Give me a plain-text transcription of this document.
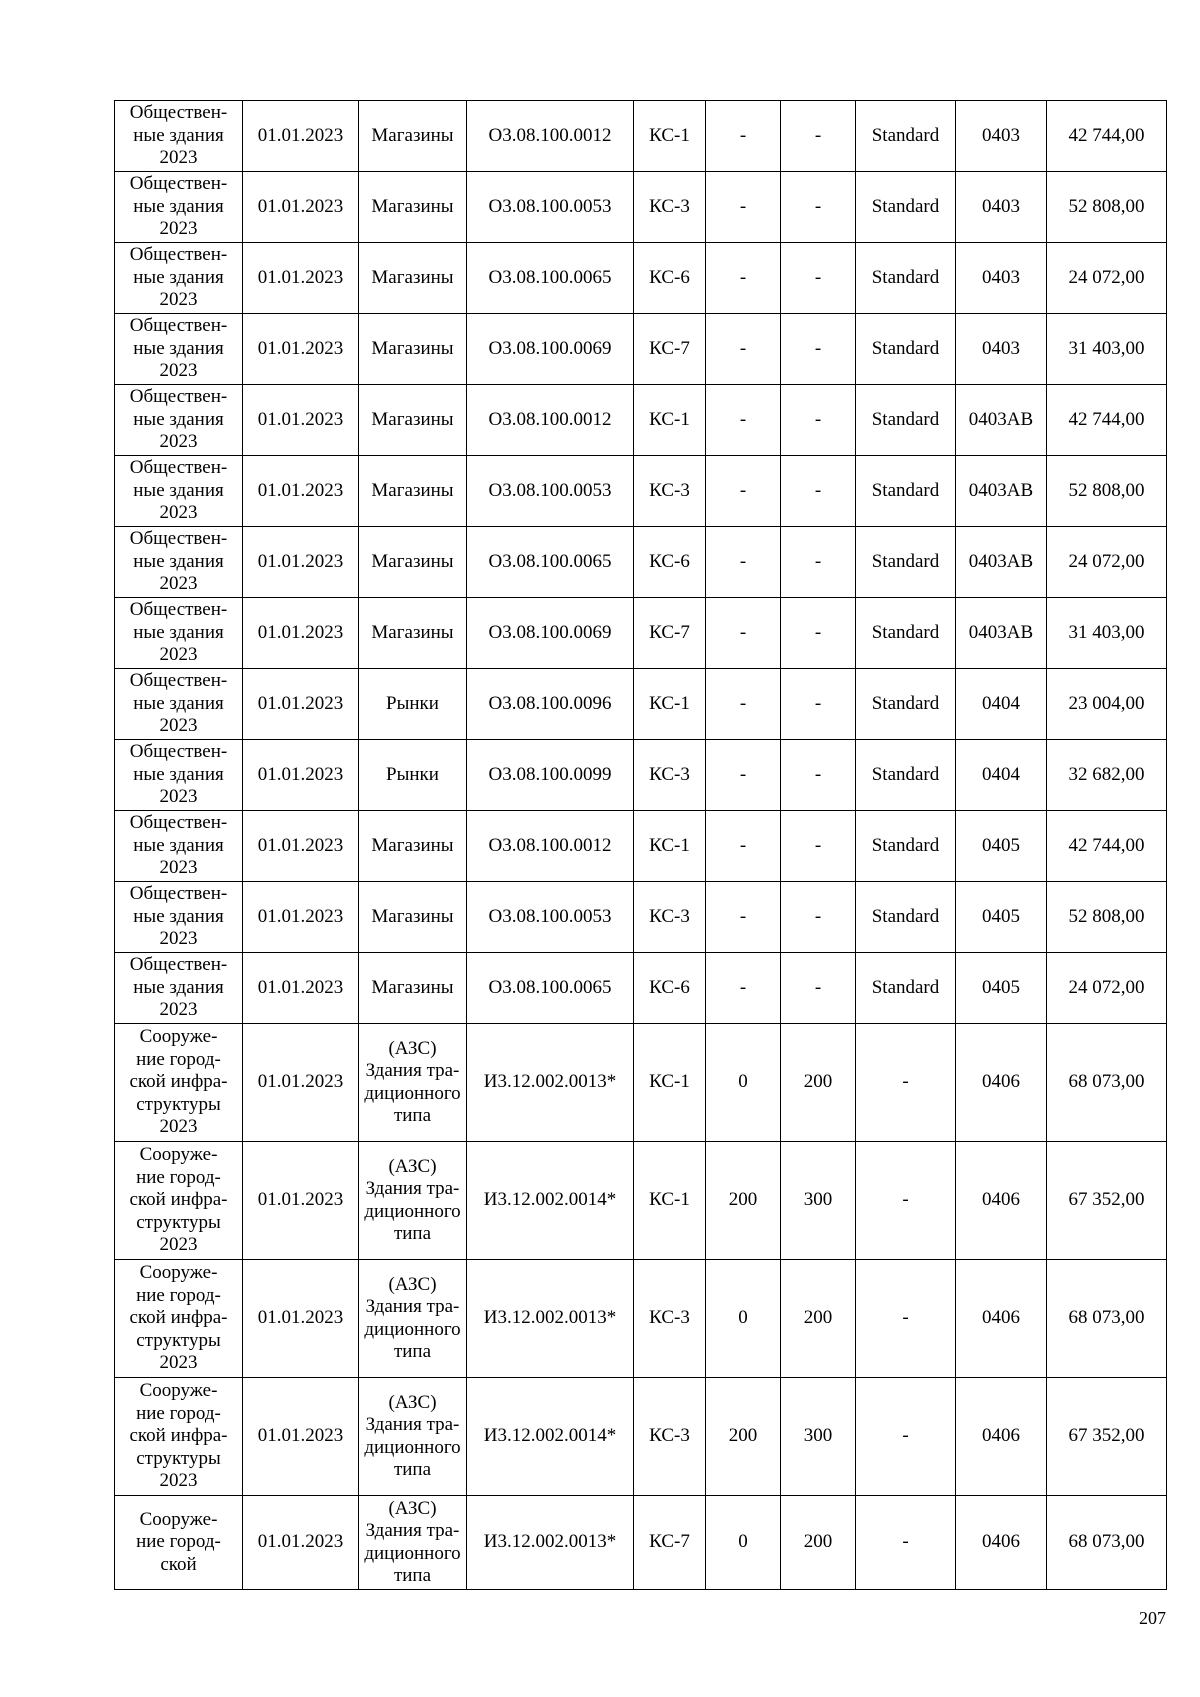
Обществен-
ные здания
2023	01.01.2023	Магазины	О3.08.100.0012	КС-1	-	-	Standard	0403	42 744,00
Обществен-
ные здания
2023	01.01.2023	Магазины	О3.08.100.0053	КС-3	-	-	Standard	0403	52 808,00
Обществен-
ные здания
2023	01.01.2023	Магазины	О3.08.100.0065	КС-6	-	-	Standard	0403	24 072,00
Обществен-
ные здания
2023	01.01.2023	Магазины	О3.08.100.0069	КС-7	-	-	Standard	0403	31 403,00
Обществен-
ные здания
2023	01.01.2023	Магазины	О3.08.100.0012	КС-1	-	-	Standard	0403АВ	42 744,00
Обществен-
ные здания
2023	01.01.2023	Магазины	О3.08.100.0053	КС-3	-	-	Standard	0403АВ	52 808,00
Обществен-
ные здания
2023	01.01.2023	Магазины	О3.08.100.0065	КС-6	-	-	Standard	0403АВ	24 072,00
Обществен-
ные здания
2023	01.01.2023	Магазины	О3.08.100.0069	КС-7	-	-	Standard	0403АВ	31 403,00
Обществен-
ные здания
2023	01.01.2023	Рынки	О3.08.100.0096	КС-1	-	-	Standard	0404	23 004,00
Обществен-
ные здания
2023	01.01.2023	Рынки	О3.08.100.0099	КС-3	-	-	Standard	0404	32 682,00
Обществен-
ные здания
2023	01.01.2023	Магазины	О3.08.100.0012	КС-1	-	-	Standard	0405	42 744,00
Обществен-
ные здания
2023	01.01.2023	Магазины	О3.08.100.0053	КС-3	-	-	Standard	0405	52 808,00
Обществен-
ные здания
2023	01.01.2023	Магазины	О3.08.100.0065	КС-6	-	-	Standard	0405	24 072,00
Сооруже-
ние город-
ской инфра-
структуры
2023	01.01.2023	(АЗС)
Здания тра-
диционного
типа	И3.12.002.0013*	КС-1	0	200	-	0406	68 073,00
Сооруже-
ние город-
ской инфра-
структуры
2023	01.01.2023	(АЗС)
Здания тра-
диционного
типа	И3.12.002.0014*	КС-1	200	300	-	0406	67 352,00
Сооруже-
ние город-
ской инфра-
структуры
2023	01.01.2023	(АЗС)
Здания тра-
диционного
типа	И3.12.002.0013*	КС-3	0	200	-	0406	68 073,00
Сооруже-
ние город-
ской инфра-
структуры
2023	01.01.2023	(АЗС)
Здания тра-
диционного
типа	И3.12.002.0014*	КС-3	200	300	-	0406	67 352,00
Сооруже-
ние город-
ской	01.01.2023	(АЗС)
Здания тра-
диционного
типа	И3.12.002.0013*	КС-7	0	200	-	0406	68 073,00
207
